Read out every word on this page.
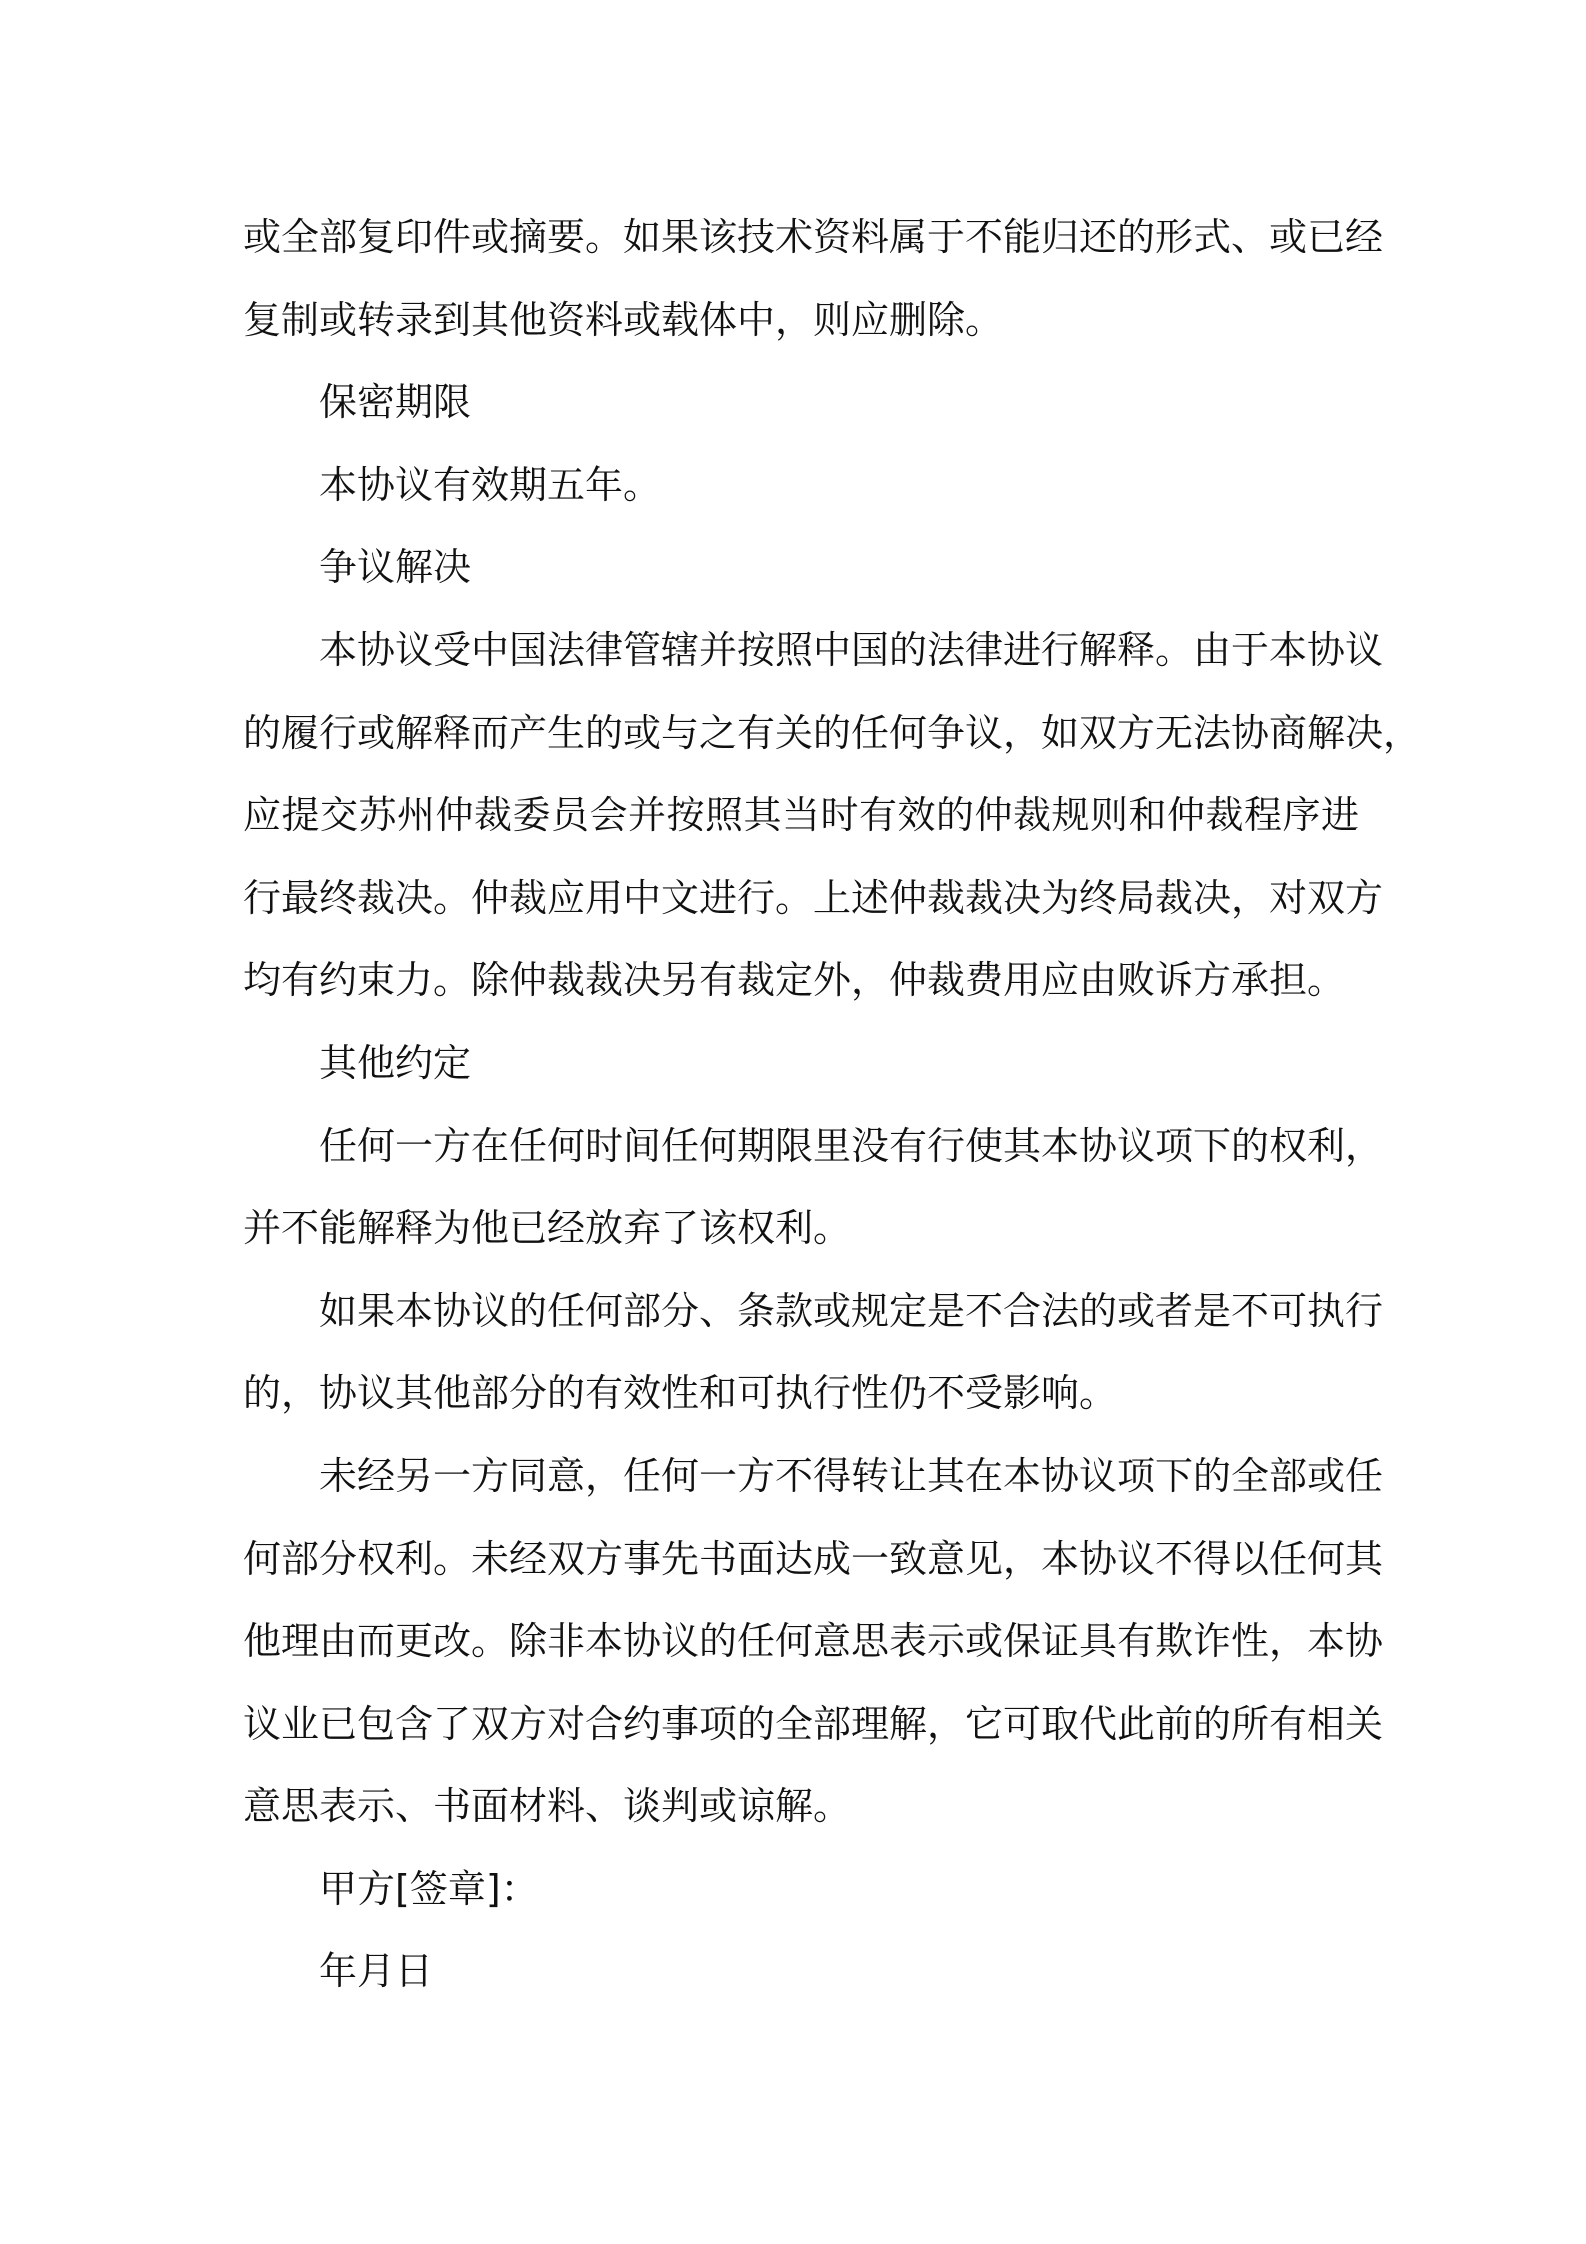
或全部复印件或摘要。如果该技术资料属于不能归还的形式、或已经
复制或转录到其他资料或载体中，则应删除。
保密期限
本协议有效期五年。
争议解决
本协议受中国法律管辖并按照中国的法律进行解释。由于本协议
的履行或解释而产生的或与之有关的任何争议，如双方无法协商解决，
应提交苏州仲裁委员会并按照其当时有效的仲裁规则和仲裁程序进
行最终裁决。仲裁应用中文进行。上述仲裁裁决为终局裁决，对双方
均有约束力。除仲裁裁决另有裁定外，仲裁费用应由败诉方承担。
其他约定
任何一方在任何时间任何期限里没有行使其本协议项下的权利，
并不能解释为他已经放弃了该权利。
如果本协议的任何部分、条款或规定是不合法的或者是不可执行
的，协议其他部分的有效性和可执行性仍不受影响。
未经另一方同意，任何一方不得转让其在本协议项下的全部或任
何部分权利。未经双方事先书面达成一致意见，本协议不得以任何其
他理由而更改。除非本协议的任何意思表示或保证具有欺诈性，本协
议业已包含了双方对合约事项的全部理解，它可取代此前的所有相关
意思表示、书面材料、谈判或谅解。
甲方[签章]：
年月日
